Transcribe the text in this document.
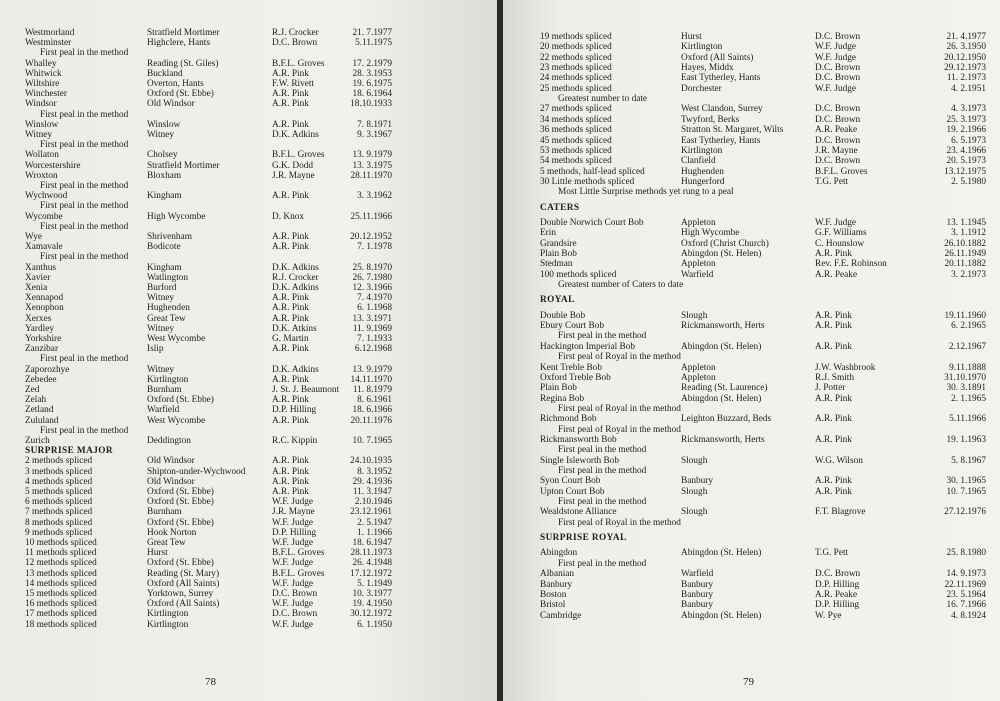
Westmorland	Stratfield Mortimer	R.J. Crocker	21. 7.1977
Westminster	Highclere, Hants	D.C. Brown	5.11.1975
First peal in the method
Whalley	Reading (St. Giles)	B.F.L. Groves	17. 2.1979
Whitwick	Buckland	A.R. Pink	28. 3.1953
Wiltshire	Overton, Hants	F.W. Rivett	19. 6.1975
Winchester	Oxford (St. Ebbe)	A.R. Pink	18. 6.1964
Windsor	Old Windsor	A.R. Pink	18.10.1933
First peal in the method
Winslow	Winslow	A.R. Pink	7. 8.1971
Witney	Witney	D.K. Adkins	9. 3.1967
First peal in the method
Wollaton	Cholsey	B.F.L. Groves	13. 9.1979
Worcestershire	Stratfield Mortimer	G.K. Dodd	13. 3.1975
Wroxton	Bloxham	J.R. Mayne	28.11.1970
First peal in the method
Wychwood	Kingham	A.R. Pink	3. 3.1962
First peal in the method
Wycombe	High Wycombe	D. Knox	25.11.1966
First peal in the method
Wye	Shrivenham	A.R. Pink	20.12.1952
Xamavale	Bodicote	A.R. Pink	7. 1.1978
First peal in the method
Xanthus	Kingham	D.K. Adkins	25. 8.1970
Xavier	Watlington	R.J. Crocker	26. 7.1980
Xenia	Burford	D.K. Adkins	12. 3.1966
Xennapod	Witney	A.R. Pink	7. 4.1970
Xenophon	Hughenden	A.R. Pink	6. 1.1968
Xerxes	Great Tew	A.R. Pink	13. 3.1971
Yardley	Witney	D.K. Atkins	11. 9.1969
Yorkshire	West Wycombe	G. Martin	7. 1.1933
Zanzibar	Islip	A.R. Pink	6.12.1968
First peal in the method
Zaporozhye	Witney	D.K. Adkins	13. 9.1979
Zebedee	Kirtlington	A.R. Pink	14.11.1970
Zed	Burnham	J. St. J. Beaumont	11. 8.1979
Zelah	Oxford (St. Ebbe)	A.R. Pink	8. 6.1961
Zetland	Warfield	D.P. Hilling	18. 6.1966
Zululand	West Wycombe	A.R. Pink	20.11.1976
First peal in the method
Zurich	Deddington	R.C. Kippin	10. 7.1965
SURPRISE MAJOR
2 methods spliced	Old Windsor	A.R. Pink	24.10.1935
3 methods spliced	Shipton-under-Wychwood	A.R. Pink	8. 3.1952
4 methods spliced	Old Windsor	A.R. Pink	29. 4.1936
5 methods spliced	Oxford (St. Ebbe)	A.R. Pink	11. 3.1947
6 methods spliced	Oxford (St. Ebbe)	W.F. Judge	2.10.1946
7 methods spliced	Burnham	J.R. Mayne	23.12.1961
8 methods spliced	Oxford (St. Ebbe)	W.F. Judge	2. 5.1947
9 methods spliced	Hook Norton	D.P. Hilling	1. 1.1966
10 methods spliced	Great Tew	W.F. Judge	18. 6.1947
11 methods spliced	Hurst	B.F.L. Groves	28.11.1973
12 methods spliced	Oxford (St. Ebbe)	W.F. Judge	26. 4.1948
13 methods spliced	Reading (St. Mary)	B.F.L. Groves	17.12.1972
14 methods spliced	Oxford (All Saints)	W.F. Judge	5. 1.1949
15 methods spliced	Yorktown, Surrey	D.C. Brown	10. 3.1977
16 methods spliced	Oxford (All Saints)	W.F. Judge	19. 4.1950
17 methods spliced	Kirtlington	D.C. Brown	30.12.1972
18 methods spliced	Kirtlington	W.F. Judge	6. 1.1950
78
19 methods spliced	Hurst	D.C. Brown	21. 4.1977
20 methods spliced	Kirtlington	W.F. Judge	26. 3.1950
22 methods spliced	Oxford (All Saints)	W.F. Judge	20.12.1950
23 methods spliced	Hayes, Middx	D.C. Brown	29.12.1973
24 methods spliced	East Tytherley, Hants	D.C. Brown	11. 2.1973
25 methods spliced	Dorchester	W.F. Judge	4. 2.1951
Greatest number to date
27 methods spliced	West Clandon, Surrey	D.C. Brown	4. 3.1973
34 methods spliced	Twyford, Berks	D.C. Brown	25. 3.1973
36 methods spliced	Stratton St. Margaret, Wilts	A.R. Peake	19. 2.1966
45 methods spliced	East Tytherley, Hants	D.C. Brown	6. 5.1973
53 methods spliced	Kirtlington	J.R. Mayne	23. 4.1966
54 methods spliced	Clanfield	D.C. Brown	20. 5.1973
5 methods, half-lead spliced	Hughenden	B.F.L. Groves	13.12.1975
30 Little methods spliced	Hungerford	T.G. Pett	2. 5.1980
Most Little Surprise methods yet rung to a peal
CATERS
Double Norwich Court Bob	Appleton	W.F. Judge	13. 1.1945
Erin	High Wycombe	G.F. Williams	3. 1.1912
Grandsire	Oxford (Christ Church)	C. Hounslow	26.10.1882
Plain Bob	Abingdon (St. Helen)	A.R. Pink	26.11.1949
Stedman	Appleton	Rev. F.E. Robinson	20.11.1882
100 methods spliced	Warfield	A.R. Peake	3. 2.1973
Greatest number of Caters to date
ROYAL
Double Bob	Slough	A.R. Pink	19.11.1960
Ebury Court Bob	Rickmansworth, Herts	A.R. Pink	6. 2.1965
First peal in the method
Hackington Imperial Bob	Abingdon (St. Helen)	A.R. Pink	2.12.1967
First peal of Royal in the method
Kent Treble Bob	Appleton	J.W. Washbrook	9.11.1888
Oxford Treble Bob	Appleton	R.J. Smith	31.10.1970
Plain Bob	Reading (St. Laurence)	J. Potter	30. 3.1891
Regina Bob	Abingdon (St. Helen)	A.R. Pink	2. 1.1965
First peal of Royal in the method
Richmond Bob	Leighton Buzzard, Beds	A.R. Pink	5.11.1966
First peal of Royal in the method
Rickmansworth Bob	Rickmansworth, Herts	A.R. Pink	19. 1.1963
First peal in the method
Single Isleworth Bob	Slough	W.G. Wilson	5. 8.1967
First peal in the method
Syon Court Bob	Banbury	A.R. Pink	30. 1.1965
Upton Court Bob	Slough	A.R. Pink	10. 7.1965
First peal in the method
Wealdstone Alliance	Slough	F.T. Blagrove	27.12.1976
First peal of Royal in the method
SURPRISE ROYAL
Abingdon	Abingdon (St. Helen)	T.G. Pett	25. 8.1980
First peal in the method
Albanian	Warfield	D.C. Brown	14. 9.1973
Banbury	Banbury	D.P. Hilling	22.11.1969
Boston	Banbury	A.R. Peake	23. 5.1964
Bristol	Banbury	D.P. Hilling	16. 7.1966
Cambridge	Abingdon (St. Helen)	W. Pye	4. 8.1924
79
